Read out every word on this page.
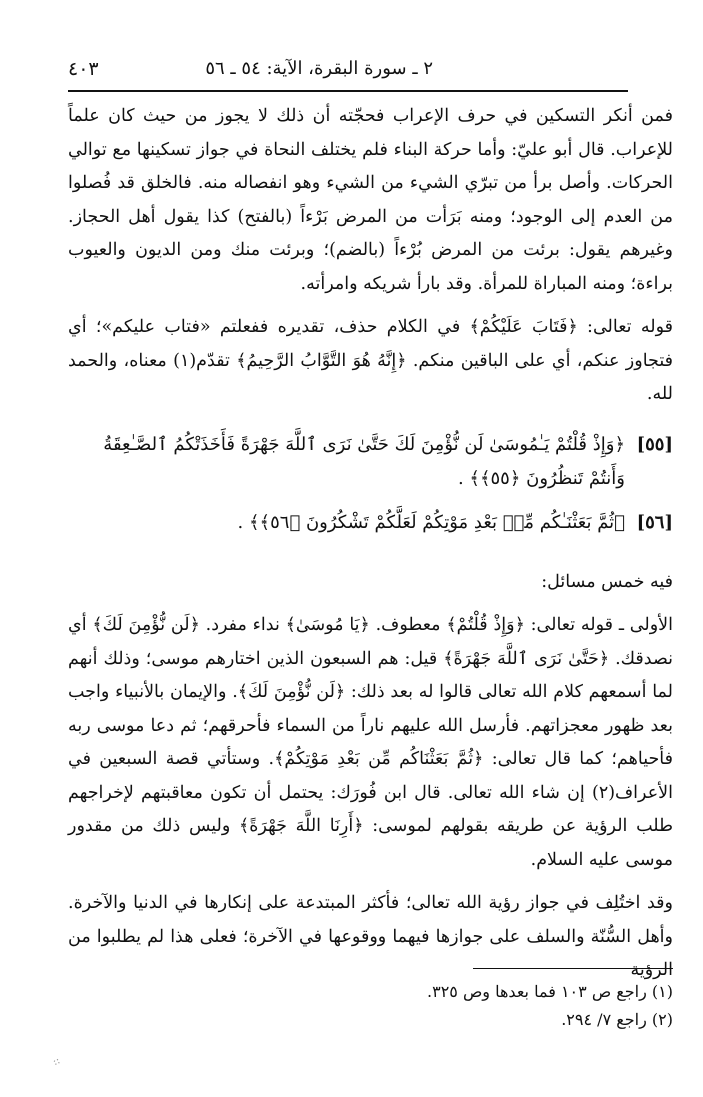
٢ ـ سورة البقرة، الآية: ٥٤ ـ ٥٦
٤٠٣

فمن أنكر التسكين في حرف الإعراب فحجّته أن ذلك لا يجوز من حيث كان علماً للإعراب. قال أبو عليّ: وأما حركة البناء فلم يختلف النحاة في جواز تسكينها مع توالي الحركات. وأصل برأ من تبرّي الشيء من الشيء وهو انفصاله منه. فالخلق قد فُصلوا من العدم إلى الوجود؛ ومنه بَرَأت من المرض بَرْءاً (بالفتح) كذا يقول أهل الحجاز. وغيرهم يقول: برئت من المرض بُرْءاً (بالضم)؛ وبرئت منك ومن الديون والعيوب براءة؛ ومنه المباراة للمرأة. وقد بارأ شريكه وامرأته.

قوله تعالى: ﴿فَتَابَ عَلَيْكُمْ﴾ في الكلام حذف، تقديره ففعلتم «فتاب عليكم»؛ أي فتجاوز عنكم، أي على الباقين منكم. ﴿إِنَّهُ هُوَ التَّوَّابُ الرَّحِيمُ﴾ تقدّم(١) معناه، والحمد لله.

[٥٥]
﴿وَإِذْ قُلْتُمْ يَـٰمُوسَىٰ لَن نُّؤْمِنَ لَكَ حَتَّىٰ نَرَى ٱللَّهَ جَهْرَةً فَأَخَذَتْكُمُ ٱلصَّـٰعِقَةُ وَأَنتُمْ تَنظُرُونَ ﴿٥٥﴾﴾ .
[٥٦]
﴿ثُمَّ بَعَثْنَـٰكُم مِّنۢ بَعْدِ مَوْتِكُمْ لَعَلَّكُمْ تَشْكُرُونَ ﴿٥٦﴾﴾ .

فيه خمس مسائل:

الأولى ـ قوله تعالى: ﴿وَإِذْ قُلْتُمْ﴾ معطوف. ﴿يَا مُوسَىٰ﴾ نداء مفرد. ﴿لَن نُّؤْمِنَ لَكَ﴾ أي نصدقك. ﴿حَتَّىٰ نَرَى ٱللَّهَ جَهْرَةً﴾ قيل: هم السبعون الذين اختارهم موسى؛ وذلك أنهم لما أسمعهم كلام الله تعالى قالوا له بعد ذلك: ﴿لَن نُّؤْمِنَ لَكَ﴾. والإيمان بالأنبياء واجب بعد ظهور معجزاتهم. فأرسل الله عليهم ناراً من السماء فأحرقهم؛ ثم دعا موسى ربه فأحياهم؛ كما قال تعالى: ﴿ثُمَّ بَعَثْنَاكُم مِّن بَعْدِ مَوْتِكُمْ﴾. وستأتي قصة السبعين في الأعراف(٢) إن شاء الله تعالى. قال ابن فُورَك: يحتمل أن تكون معاقبتهم لإخراجهم طلب الرؤية عن طريقه بقولهم لموسى: ﴿أَرِنَا اللَّهَ جَهْرَةً﴾ وليس ذلك من مقدور موسى عليه السلام.

وقد اختُلِف في جواز رؤية الله تعالى؛ فأكثر المبتدعة على إنكارها في الدنيا والآخرة. وأهل السُّنّة والسلف على جوازها فيهما ووقوعها في الآخرة؛ فعلى هذا لم يطلبوا من الرؤية

(١) راجع ص ١٠٣ فما بعدها وص ٣٢٥.

(٢) راجع ٧/ ٢٩٤.

⁘
